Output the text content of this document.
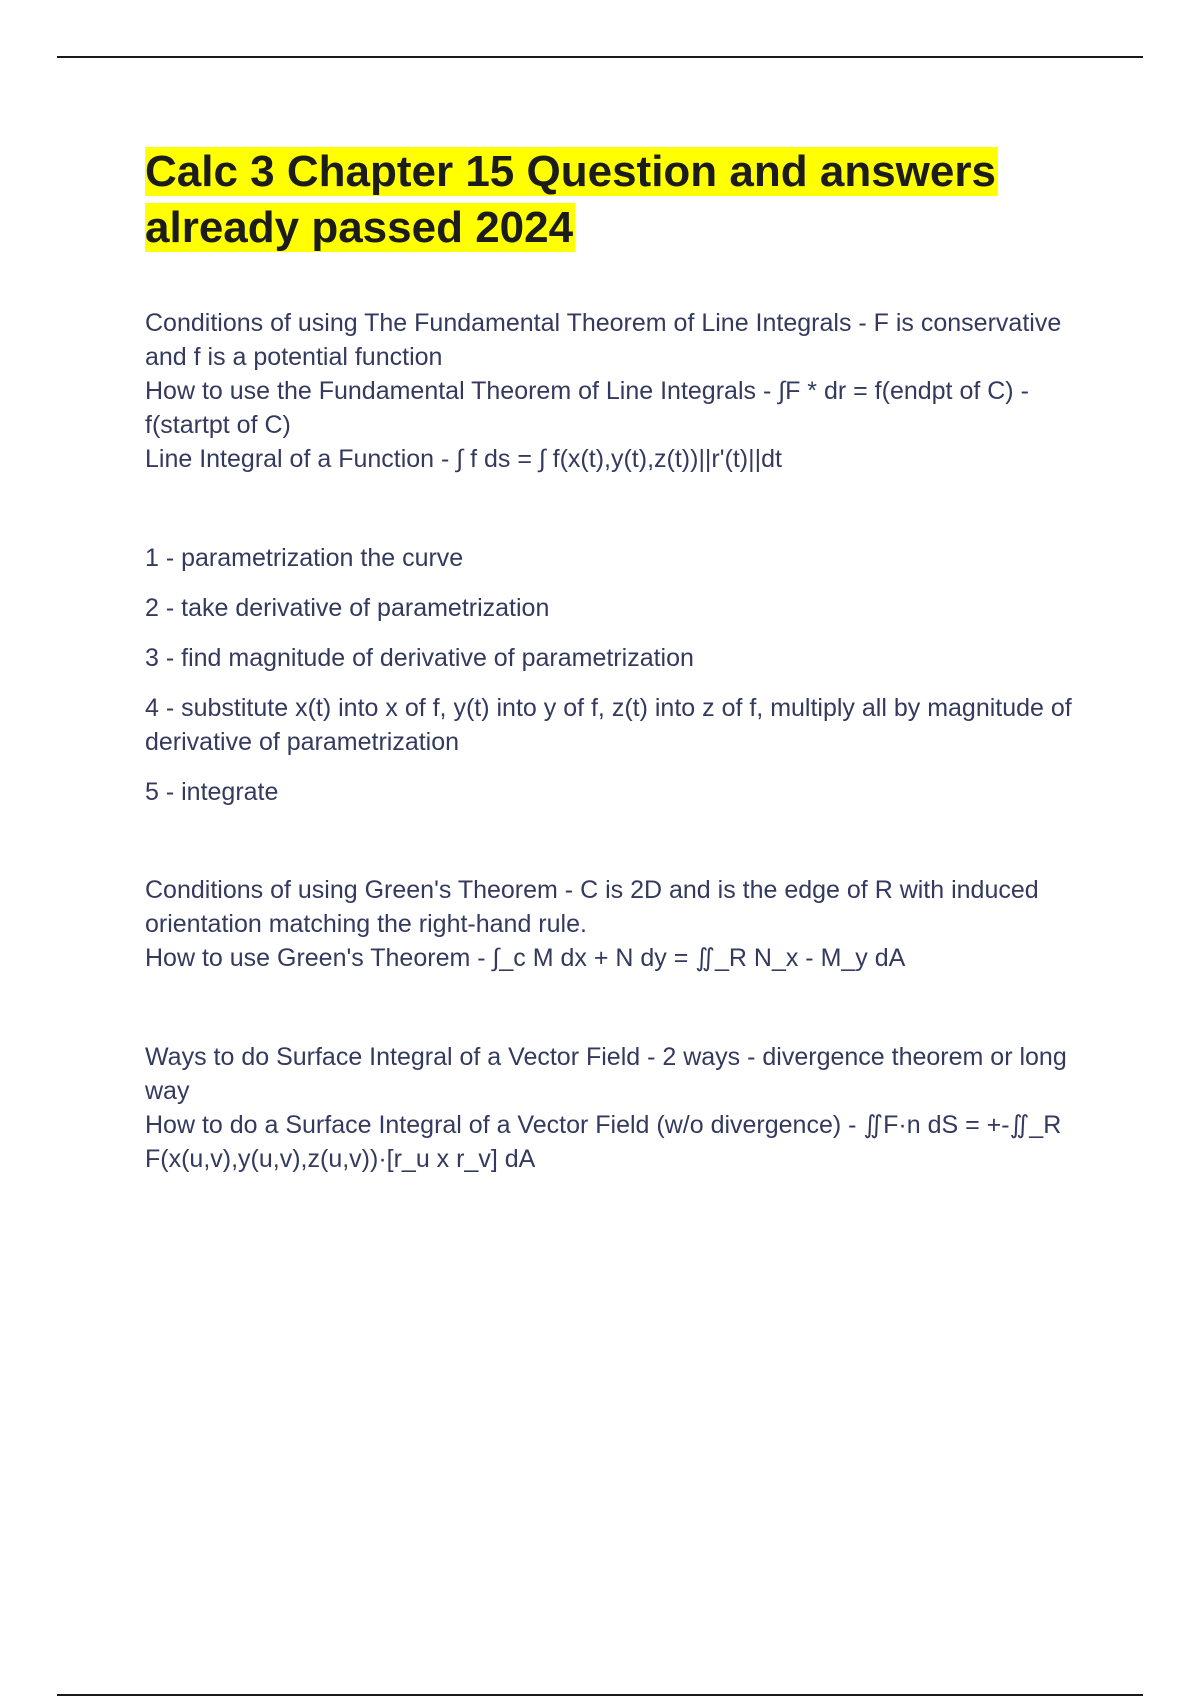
Calc 3 Chapter 15 Question and answers already passed 2024

Conditions of using The Fundamental Theorem of Line Integrals - F is conservative and f is a potential function

How to use the Fundamental Theorem of Line Integrals - ∫F * dr = f(endpt of C) - f(startpt of C)

Line Integral of a Function - ∫ f ds = ∫ f(x(t),y(t),z(t))||r'(t)||dt

1 - parametrization the curve

2 - take derivative of parametrization

3 - find magnitude of derivative of parametrization

4 - substitute x(t) into x of f, y(t) into y of f, z(t) into z of f, multiply all by magnitude of derivative of parametrization

5 - integrate

Conditions of using Green's Theorem - C is 2D and is the edge of R with induced orientation matching the right-hand rule.

How to use Green's Theorem - ∫_c M dx + N dy = ∬_R N_x - M_y dA

Ways to do Surface Integral of a Vector Field - 2 ways - divergence theorem or long way

How to do a Surface Integral of a Vector Field (w/o divergence) - ∬F·n dS = +-∬_R F(x(u,v),y(u,v),z(u,v))·[r_u x r_v] dA
